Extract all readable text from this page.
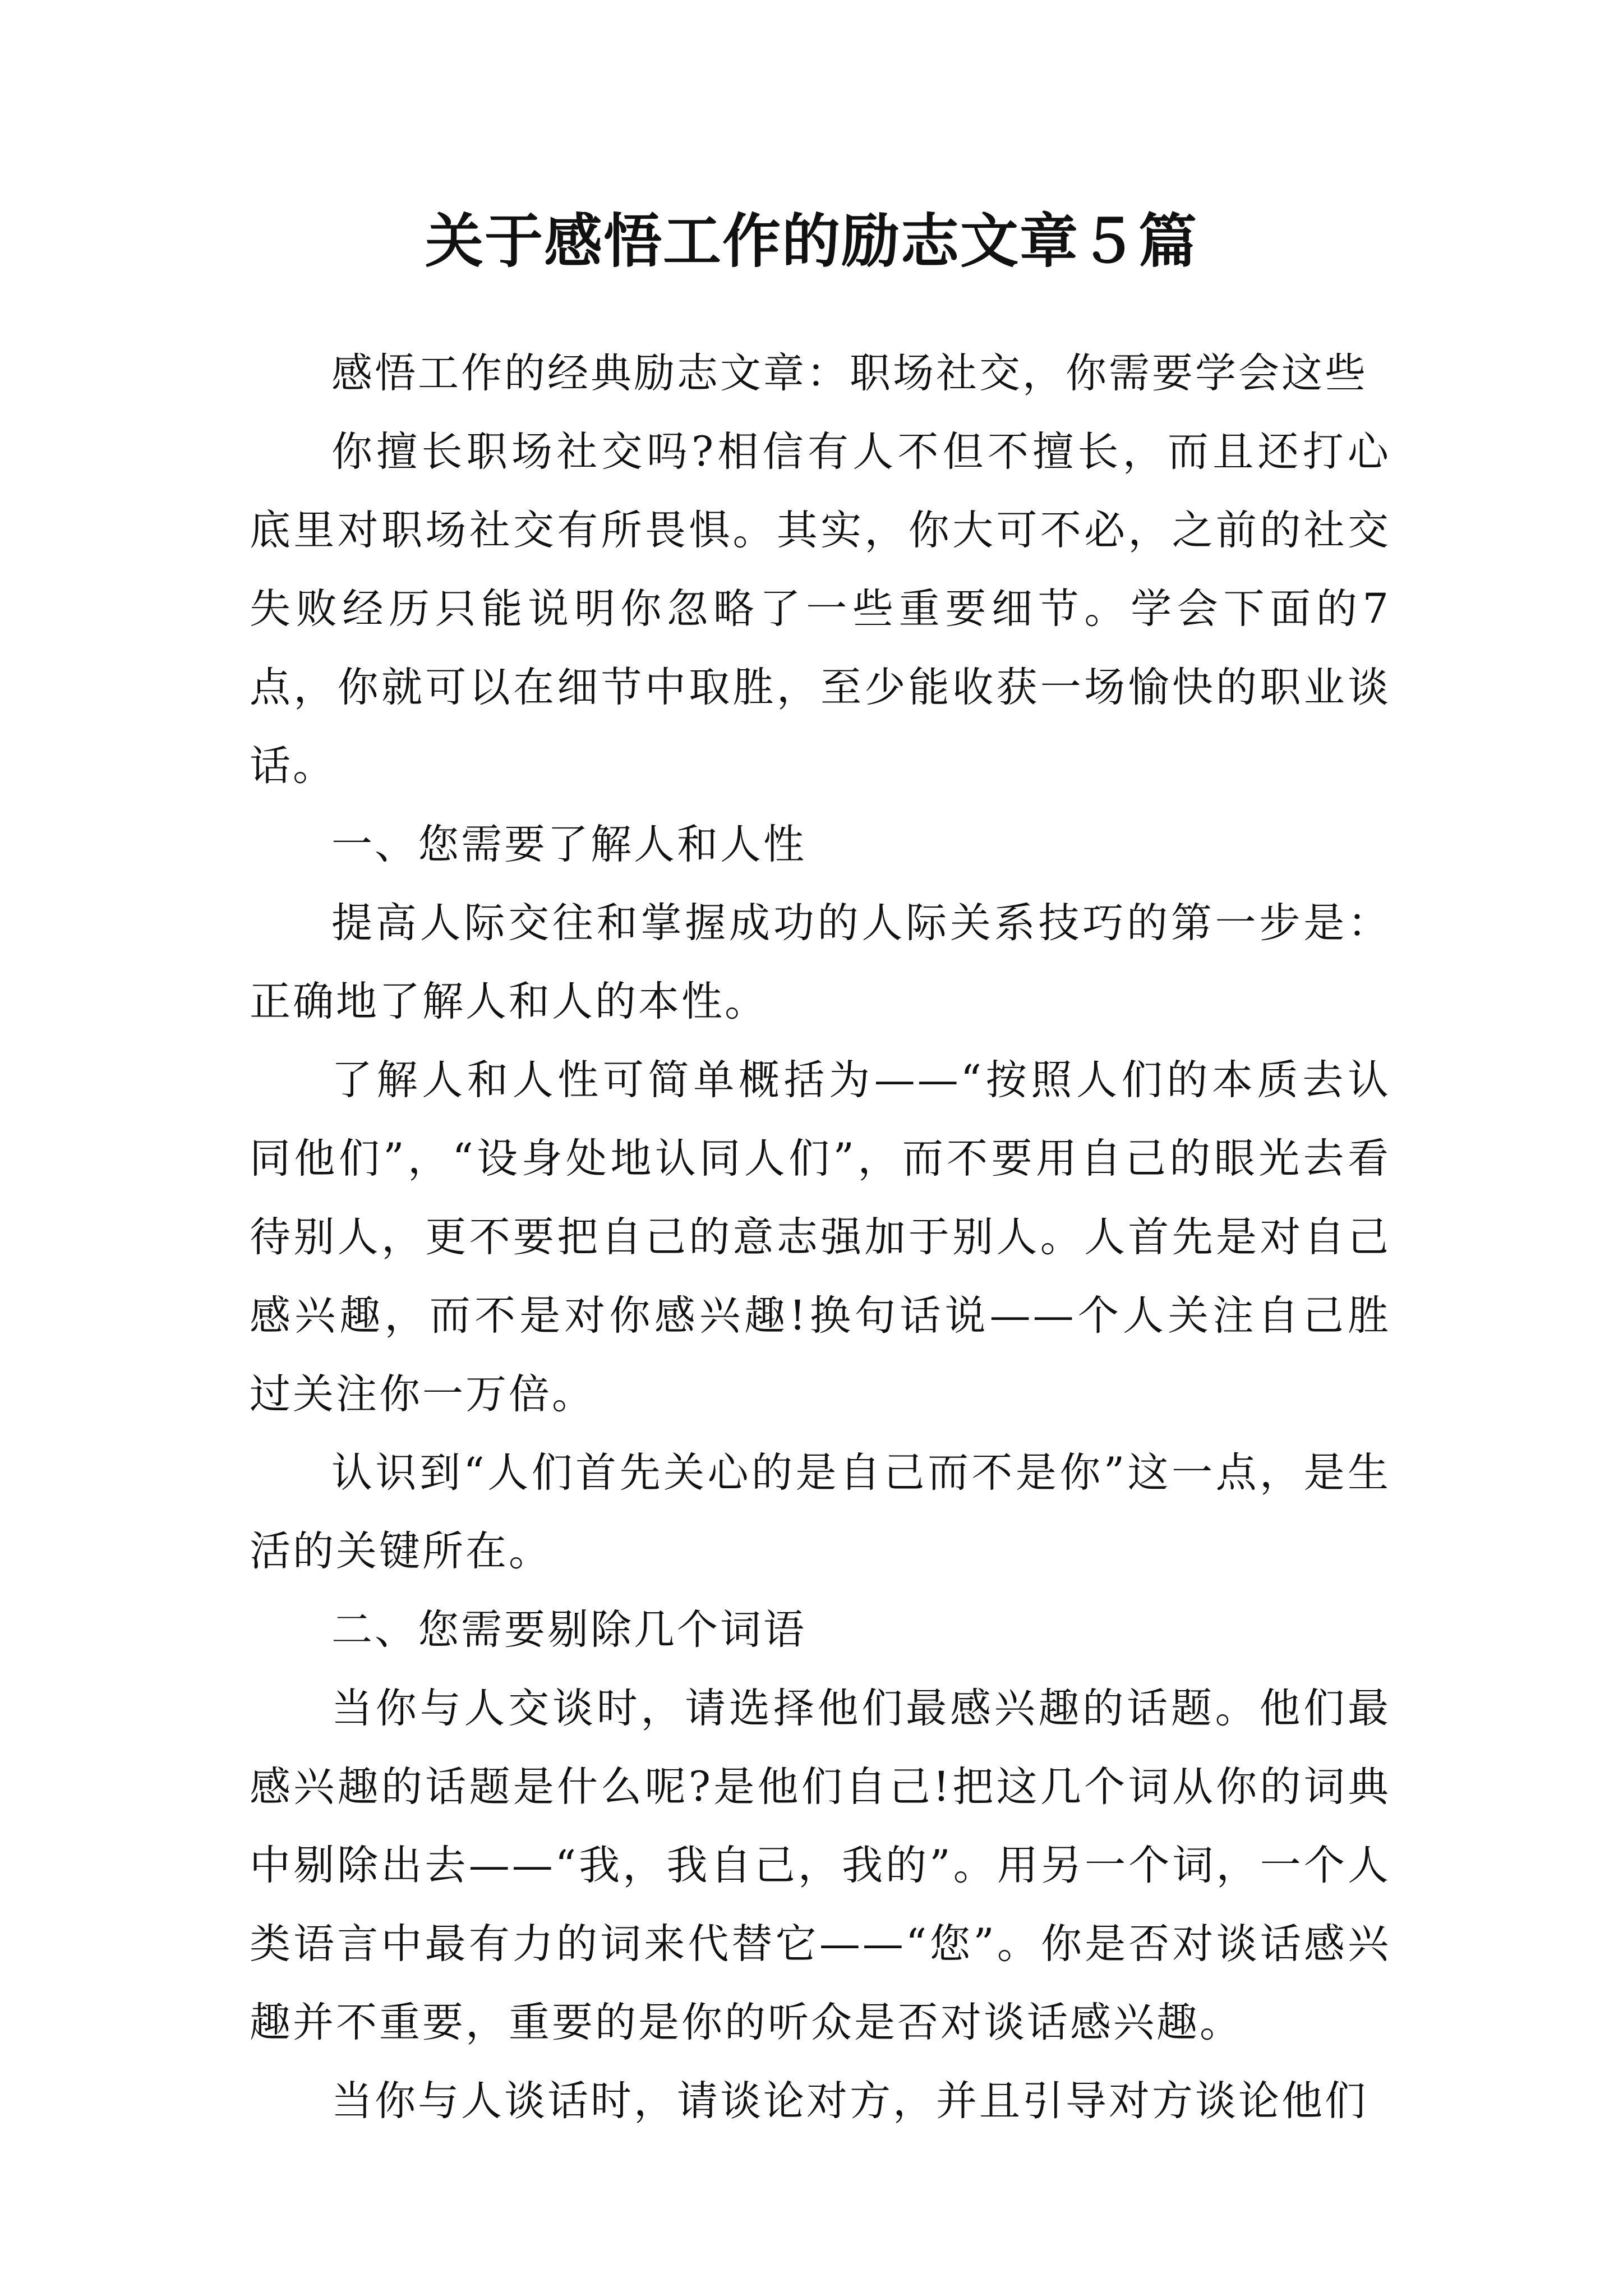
关于感悟工作的励志文章５篇

感悟工作的经典励志文章：职场社交，你需要学会这些

你擅长职场社交吗?相信有人不但不擅长，而且还打心底里对职场社交有所畏惧。其实，你大可不必，之前的社交失败经历只能说明你忽略了一些重要细节。学会下面的7点，你就可以在细节中取胜，至少能收获一场愉快的职业谈话。

一、您需要了解人和人性

提高人际交往和掌握成功的人际关系技巧的第一步是：正确地了解人和人的本性。

了解人和人性可简单概括为——“按照人们的本质去认同他们”，“设身处地认同人们”，而不要用自己的眼光去看待别人，更不要把自己的意志强加于别人。人首先是对自己感兴趣，而不是对你感兴趣!换句话说——个人关注自己胜过关注你一万倍。

认识到“人们首先关心的是自己而不是你”这一点，是生活的关键所在。

二、您需要剔除几个词语

当你与人交谈时，请选择他们最感兴趣的话题。他们最感兴趣的话题是什么呢?是他们自己!把这几个词从你的词典中剔除出去——“我，我自己，我的”。用另一个词，一个人类语言中最有力的词来代替它——“您”。你是否对谈话感兴趣并不重要，重要的是你的听众是否对谈话感兴趣。

当你与人谈话时，请谈论对方，并且引导对方谈论他们
